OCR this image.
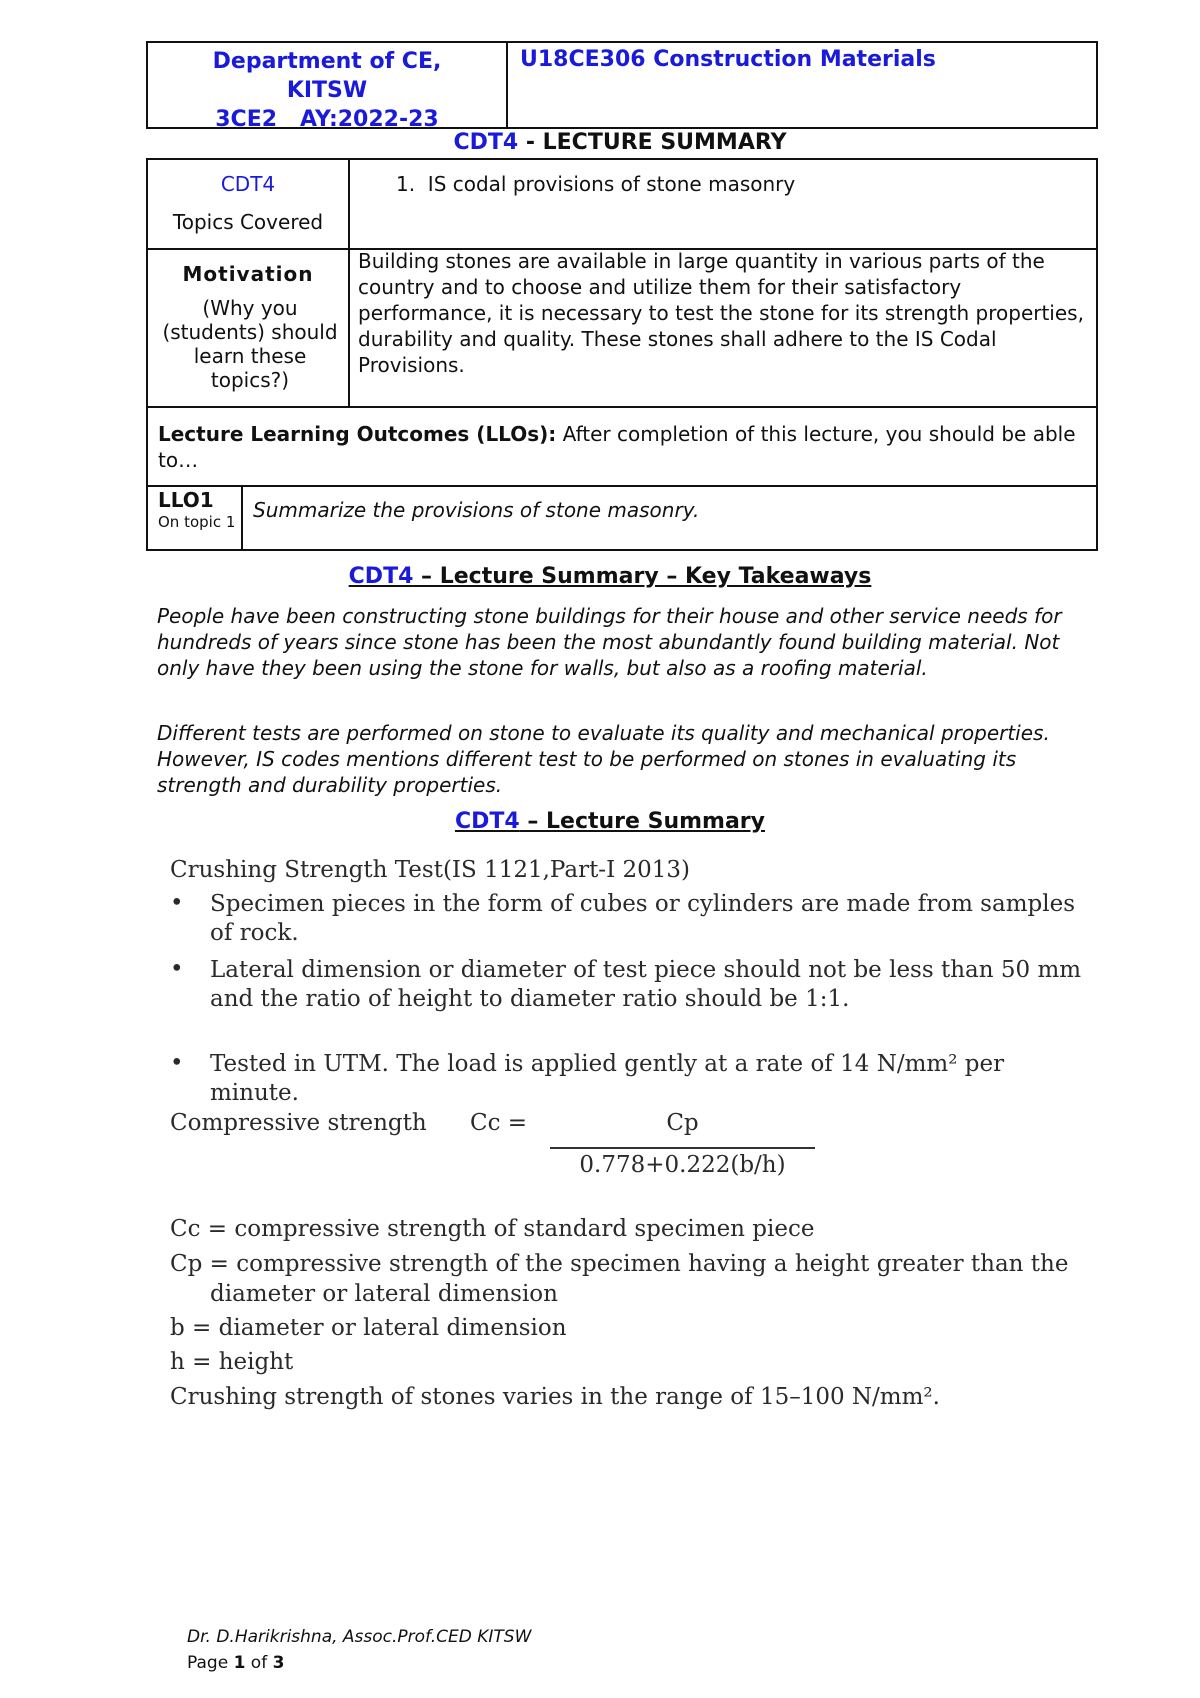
Department of CE,
KITSW
3CE2   AY:2022-23
U18CE306 Construction Materials
CDT4 - LECTURE SUMMARY
CDT4
Topics Covered
1.  IS codal provisions of stone masonry
Motivation
(Why you (students) should learn these topics?)
Building stones are available in large quantity in various parts of the country and to choose and utilize them for their satisfactory performance, it is necessary to test the stone for its strength properties, durability and quality. These stones shall adhere to the IS Codal Provisions.
Lecture Learning Outcomes (LLOs): After completion of this lecture, you should be able to…
LLO1
On topic 1 Summarize the provisions of stone masonry.
CDT4 – Lecture Summary – Key Takeaways
People have been constructing stone buildings for their house and other service needs for hundreds of years since stone has been the most abundantly found building material. Not only have they been using the stone for walls, but also as a roofing material.
Different tests are performed on stone to evaluate its quality and mechanical properties. However, IS codes mentions different test to be performed on stones in evaluating its strength and durability properties.
CDT4 – Lecture Summary
Crushing Strength Test(IS 1121,Part-I 2013)
• Specimen pieces in the form of cubes or cylinders are made from samples of rock.
• Lateral dimension or diameter of test piece should not be less than 50 mm and the ratio of height to diameter ratio should be 1:1.
• Tested in UTM. The load is applied gently at a rate of 14 N/mm² per minute.
Compressive strength Cc =	Cp
0.778+0.222(b/h)
Cc = compressive strength of standard specimen piece
Cp = compressive strength of the specimen having a height greater than the diameter or lateral dimension
b = diameter or lateral dimension
h = height
Crushing strength of stones varies in the range of 15–100 N/mm².
Dr. D.Harikrishna, Assoc.Prof.CED KITSW
Page 1 of 3
